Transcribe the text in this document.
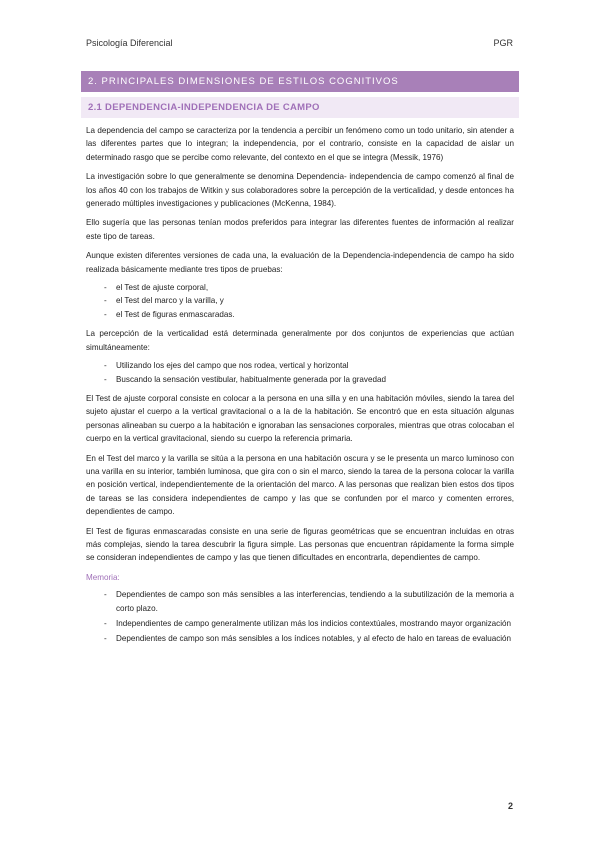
Psicología Diferencial	PGR
2. PRINCIPALES DIMENSIONES DE ESTILOS COGNITIVOS
2.1 DEPENDENCIA-INDEPENDENCIA DE CAMPO

La dependencia del campo se caracteriza por la tendencia a percibir un fenómeno como un todo unitario, sin atender a las diferentes partes que lo integran; la independencia, por el contrario, consiste en la capacidad de aislar un determinado rasgo que se percibe como relevante, del contexto en el que se integra (Messik, 1976)

La investigación sobre lo que generalmente se denomina Dependencia- independencia de campo comenzó al final de los años 40 con los trabajos de Witkin y sus colaboradores sobre la percepción de la verticalidad, y desde entonces ha generado múltiples investigaciones y publicaciones (McKenna, 1984).

Ello sugería que las personas tenían modos preferidos para integrar las diferentes fuentes de información al realizar este tipo de tareas.

Aunque existen diferentes versiones de cada una, la evaluación de la Dependencia-independencia de campo ha sido realizada básicamente mediante tres tipos de pruebas:

- el Test de ajuste corporal,
- el Test del marco y la varilla, y
- el Test de figuras enmascaradas.

La percepción de la verticalidad está determinada generalmente por dos conjuntos de experiencias que actúan simultáneamente:

- Utilizando los ejes del campo que nos rodea, vertical y horizontal
- Buscando la sensación vestibular, habitualmente generada por la gravedad

El Test de ajuste corporal consiste en colocar a la persona en una silla y en una habitación móviles, siendo la tarea del sujeto ajustar el cuerpo a la vertical gravitacional o a la de la habitación. Se encontró que en esta situación algunas personas alineaban su cuerpo a la habitación e ignoraban las sensaciones corporales, mientras que otras colocaban el cuerpo en la vertical gravitacional, siendo su cuerpo la referencia primaria.

En el Test del marco y la varilla se sitúa a la persona en una habitación oscura y se le presenta un marco luminoso con una varilla en su interior, también luminosa, que gira con o sin el marco, siendo la tarea de la persona colocar la varilla en posición vertical, independientemente de la orientación del marco. A las personas que realizan bien estos dos tipos de tareas se las considera independientes de campo y las que se confunden por el marco y comenten errores, dependientes de campo.

El Test de figuras enmascaradas consiste en una serie de figuras geométricas que se encuentran incluidas en otras más complejas, siendo la tarea descubrir la figura simple. Las personas que encuentran rápidamente la forma simple se consideran independientes de campo y las que tienen dificultades en encontrarla, dependientes de campo.

Memoria:
- Dependientes de campo son más sensibles a las interferencias, tendiendo a la subutilización de la memoria a corto plazo.
- Independientes de campo generalmente utilizan más los indicios contextúales, mostrando mayor organización
- Dependientes de campo son más sensibles a los índices notables, y al efecto de halo en tareas de evaluación
2
